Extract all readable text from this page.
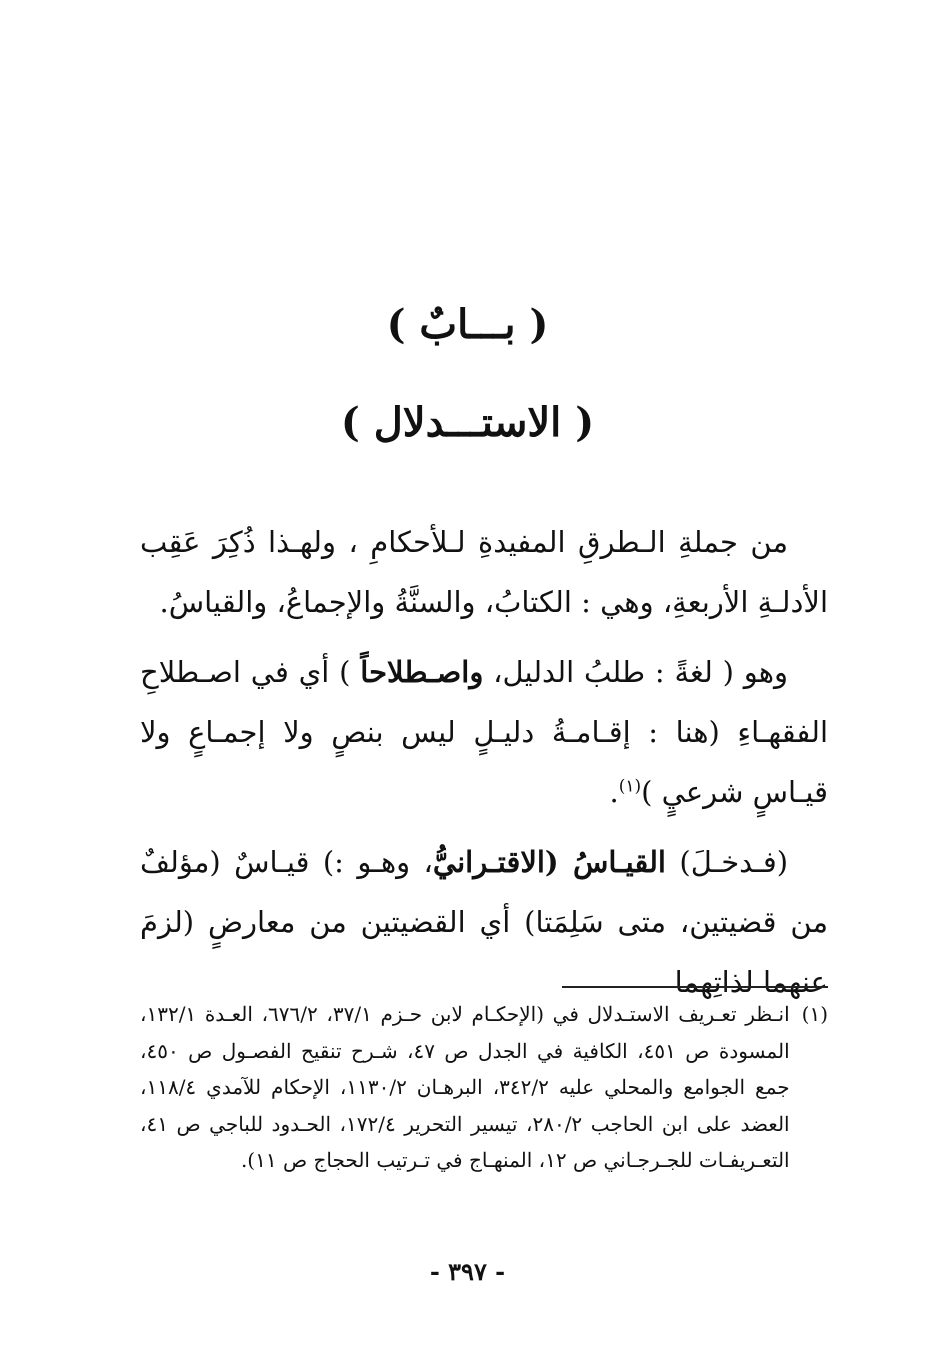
( بـــابٌ )
( الاستـــدلال )

من جملةِ الـطرقِ المفيدةِ لـلأحكامِ ، ولهـذا ذُكِرَ عَقِب الأدلـةِ الأربعةِ، وهي : الكتابُ، والسنَّةُ والإجماعُ، والقياسُ.

وهو ( لغةً : طلبُ الدليل، واصـطلاحاً ) أي في اصـطلاحِ الفقهـاءِ (هنا : إقـامـةُ دليـلٍ ليس بنصٍ ولا إجمـاعٍ ولا قيـاسٍ شرعيٍ )$^{(١)}$.

(فـدخـلَ) القيـاسُ (الاقتـرانيُّ، وهـو :) قيـاسٌ (مؤلفٌ من قضيتين، متى سَلِمَتا) أي القضيتين من معارضٍ (لزمَ عنهما لذاتِهما

(١)
انـظر تعـريف الاستـدلال في (الإحكـام لابن حـزم ٣٧/١، ٦٧٦/٢، العـدة ١٣٢/١، المسودة ص ٤٥١، الكافية في الجدل ص ٤٧، شـرح تنقيح الفصـول ص ٤٥٠، جمع الجوامع والمحلي عليه ٣٤٢/٢، البرهـان ١١٣٠/٢، الإحكام للآمدي ١١٨/٤، العضد على ابن الحاجب ٢٨٠/٢، تيسير التحرير ١٧٢/٤، الحـدود للباجي ص ٤١، التعـريفـات للجـرجـاني ص ١٢، المنهـاج في تـرتيب الحجاج ص ١١).
- ٣٩٧ -
